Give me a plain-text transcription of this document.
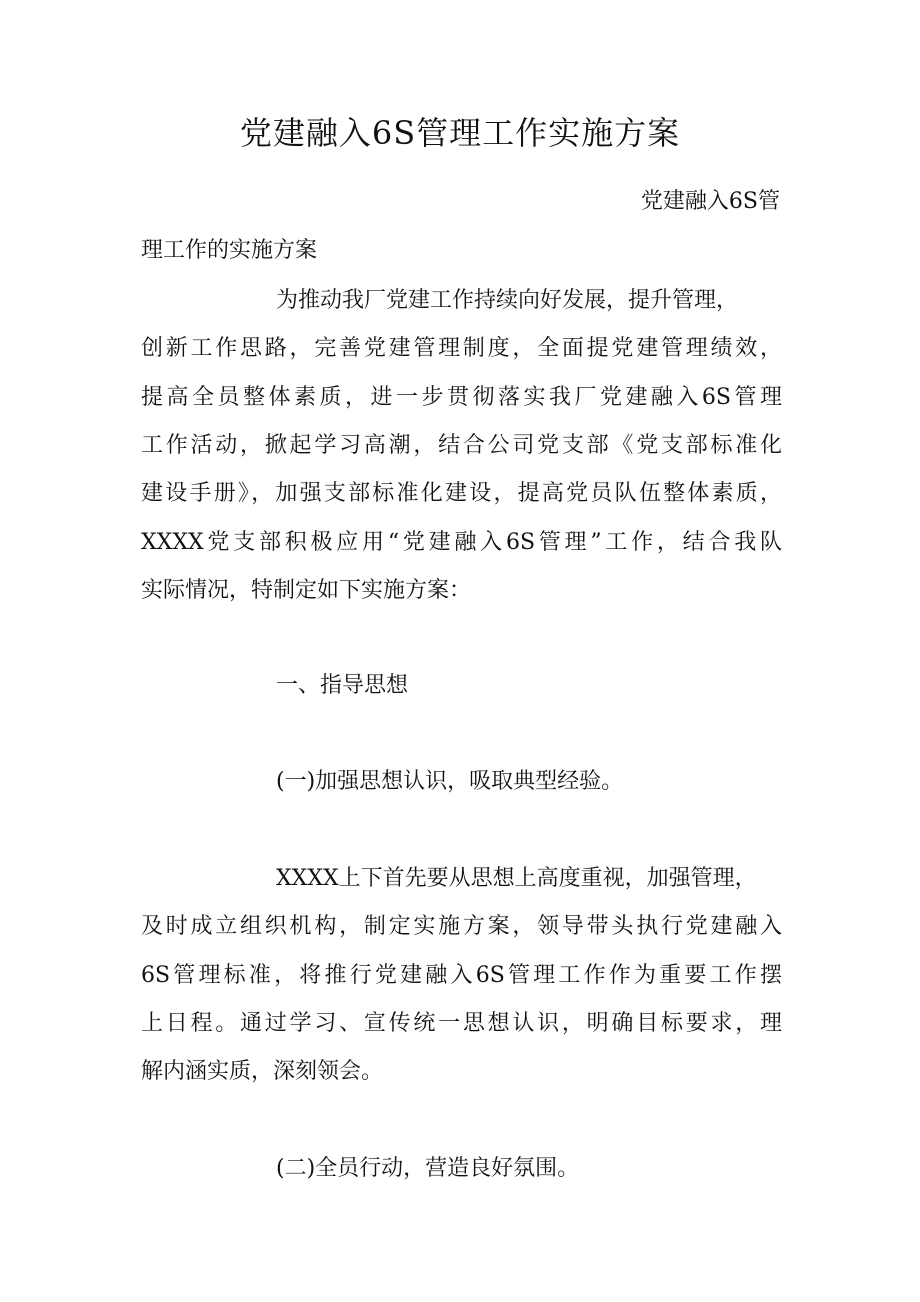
党建融入6S管理工作实施方案

党建融入6S管

理工作的实施方案

为推动我厂党建工作持续向好发展，提升管理，

创新工作思路，完善党建管理制度，全面提党建管理绩效，

提高全员整体素质，进一步贯彻落实我厂党建融入6S管理

工作活动，掀起学习高潮，结合公司党支部《党支部标准化

建设手册》，加强支部标准化建设，提高党员队伍整体素质，

XXXX党支部积极应用“党建融入6S管理”工作，结合我队

实际情况，特制定如下实施方案：

一、指导思想

(一)加强思想认识，吸取典型经验。

XXXX上下首先要从思想上高度重视，加强管理，

及时成立组织机构，制定实施方案，领导带头执行党建融入

6S管理标准，将推行党建融入6S管理工作作为重要工作摆

上日程。通过学习、宣传统一思想认识，明确目标要求，理

解内涵实质，深刻领会。

(二)全员行动，营造良好氛围。
